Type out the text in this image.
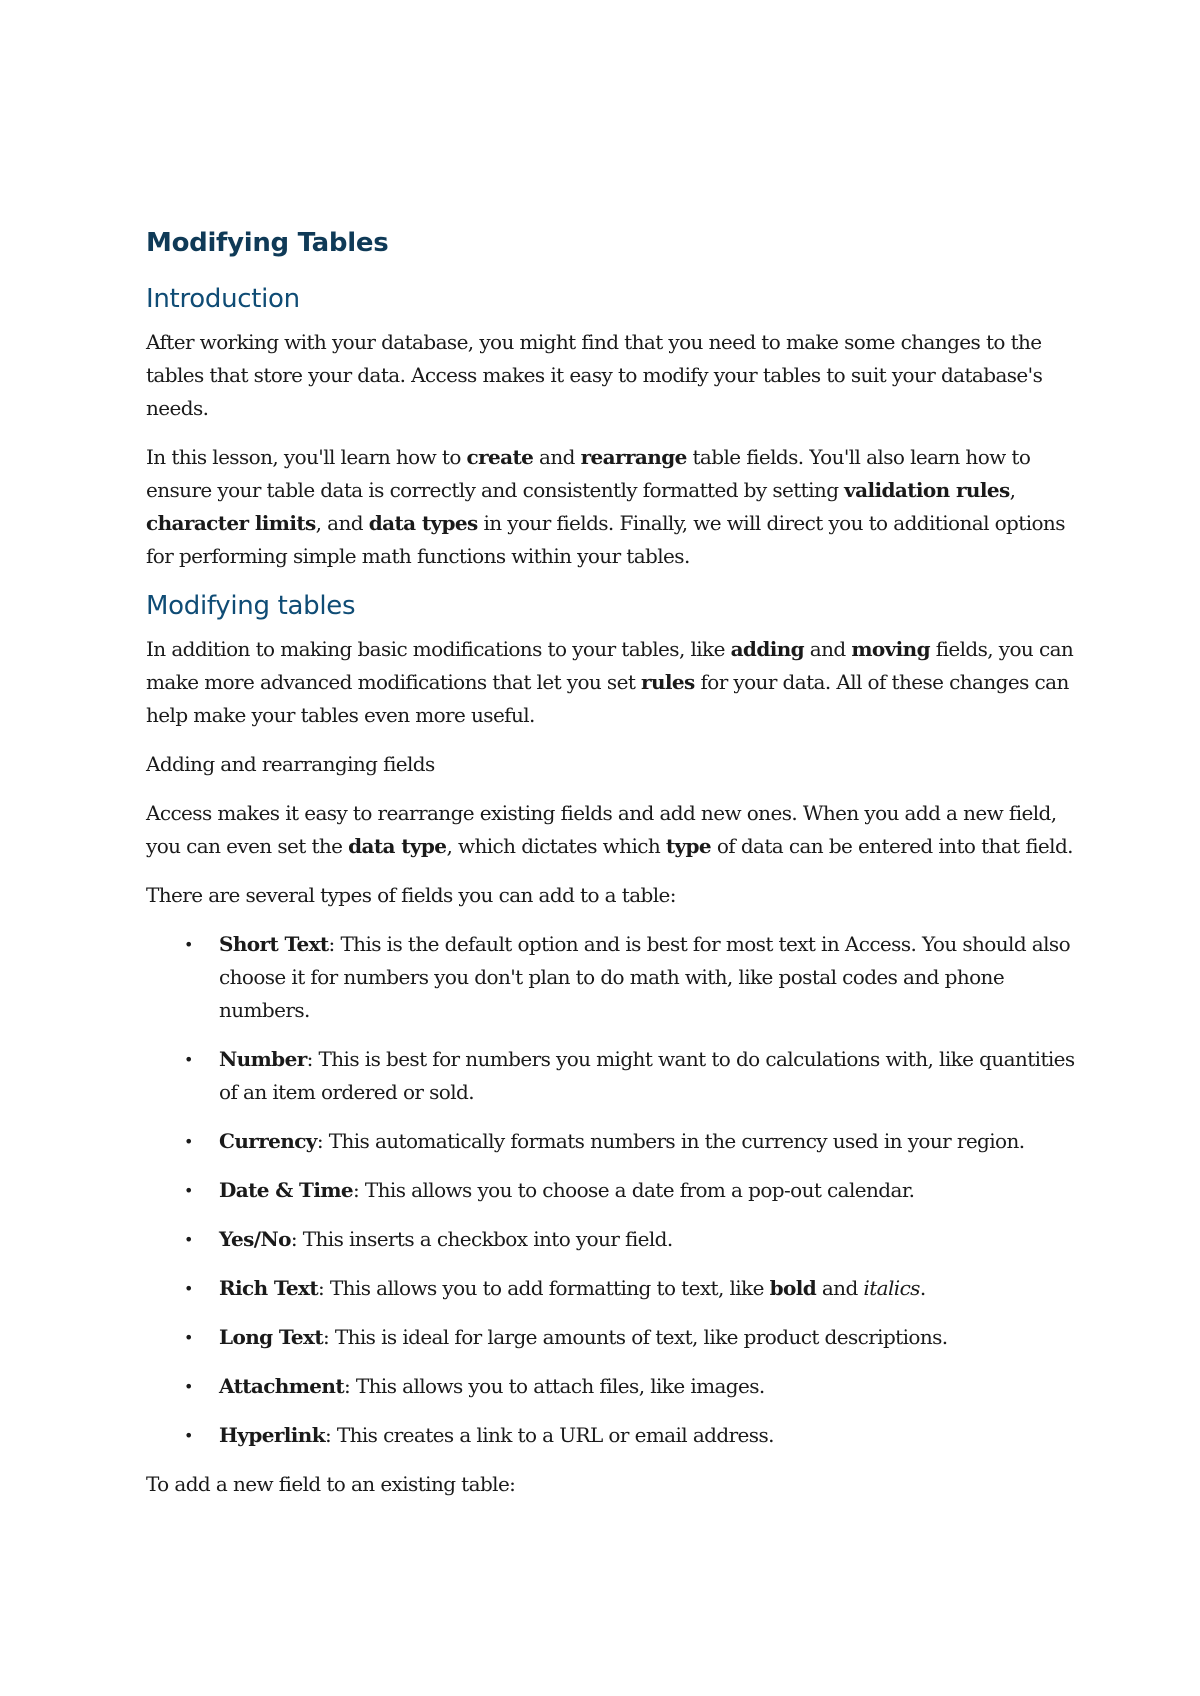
Modifying Tables
Introduction

After working with your database, you might find that you need to make some changes to the tables that store your data. Access makes it easy to modify your tables to suit your database's needs.

In this lesson, you'll learn how to create and rearrange table fields. You'll also learn how to ensure your table data is correctly and consistently formatted by setting validation rules, character limits, and data types in your fields. Finally, we will direct you to additional options for performing simple math functions within your tables.

Modifying tables

In addition to making basic modifications to your tables, like adding and moving fields, you can make more advanced modifications that let you set rules for your data. All of these changes can help make your tables even more useful.

Adding and rearranging fields

Access makes it easy to rearrange existing fields and add new ones. When you add a new field, you can even set the data type, which dictates which type of data can be entered into that field.

There are several types of fields you can add to a table:

• Short Text: This is the default option and is best for most text in Access. You should also choose it for numbers you don't plan to do math with, like postal codes and phone numbers.
• Number: This is best for numbers you might want to do calculations with, like quantities of an item ordered or sold.
• Currency: This automatically formats numbers in the currency used in your region.
• Date & Time: This allows you to choose a date from a pop-out calendar.
• Yes/No: This inserts a checkbox into your field.
• Rich Text: This allows you to add formatting to text, like bold and italics.
• Long Text: This is ideal for large amounts of text, like product descriptions.
• Attachment: This allows you to attach files, like images.
• Hyperlink: This creates a link to a URL or email address.

To add a new field to an existing table:
